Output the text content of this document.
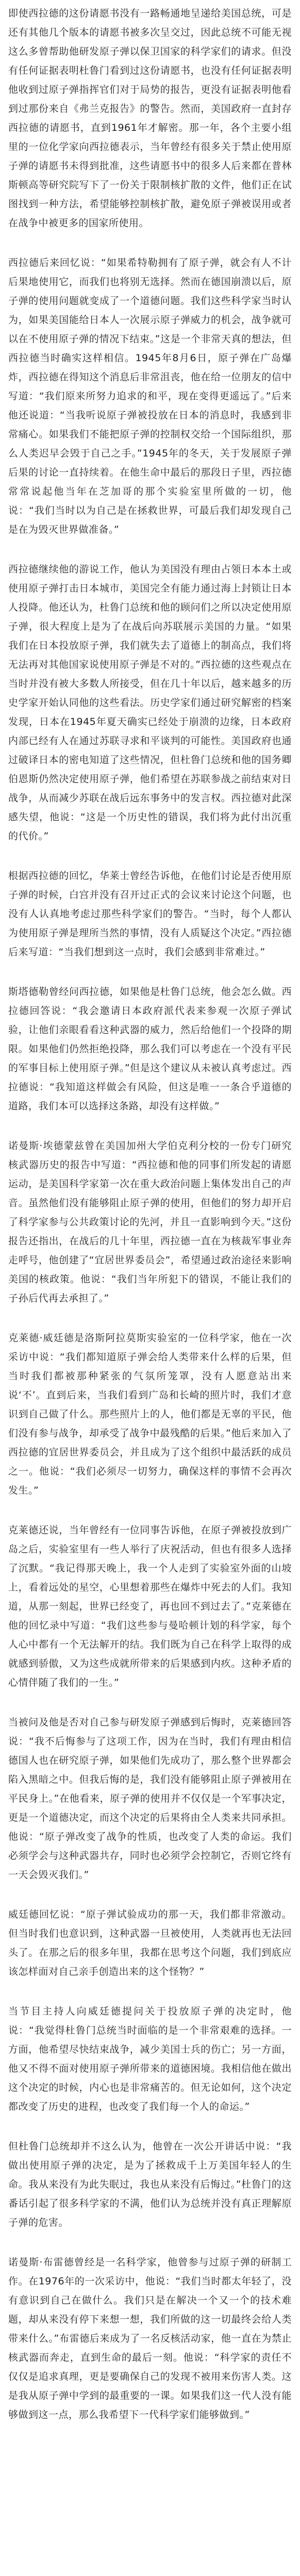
即使西拉德的这份请愿书没有一路畅通地呈递给美国总统，可是还有其他几个版本的请愿书被多次呈交过，因此总统不可能无视这么多曾帮助他研发原子弹以保卫国家的科学家们的请求。但没有任何证据表明杜鲁门看到过这份请愿书，也没有任何证据表明他收到过原子弹指挥官们对于局势的报告，更没有证据表明他看到过那份来自《弗兰克报告》的警告。然而，美国政府一直封存西拉德的请愿书，直到1961年才解密。那一年，各个主要小组里的一位化学家向西拉德表示，当年曾经有很多关于禁止使用原子弹的请愿书未得到批准，这些请愿书中的很多人后来都在普林斯顿高等研究院写下了一份关于限制核扩散的文件，他们正在试图找到一种方法，希望能够控制核扩散，避免原子弹被误用或者在战争中被更多的国家所使用。

西拉德后来回忆说：“如果希特勒拥有了原子弹，就会有人不计后果地使用它，而我们也将别无选择。然而在德国崩溃以后，原子弹的使用问题就变成了一个道德问题。我们这些科学家当时认为，如果美国能给日本人一次展示原子弹威力的机会，战争就可以在不使用原子弹的情况下结束。”这是一个非常天真的想法，但西拉德当时确实这样相信。1945年8月6日，原子弹在广岛爆炸，西拉德在得知这个消息后非常沮丧，他在给一位朋友的信中写道：“我们原来所努力追求的和平，现在变得更遥远了。”后来他还说道：“当我听说原子弹被投放在日本的消息时，我感到非常痛心。如果我们不能把原子弹的控制权交给一个国际组织，那么人类迟早会毁于自己之手。”1945年的冬天，关于发展原子弹后果的讨论一直持续着。在他生命中最后的那段日子里，西拉德常常说起他当年在芝加哥的那个实验室里所做的一切，他说：“我们当时以为自己是在拯救世界，可最后我们却发现自己是在为毁灭世界做准备。”

西拉德继续他的游说工作，他认为美国没有理由占领日本本土或使用原子弹打击日本城市，美国完全有能力通过海上封锁让日本人投降。他还认为，杜鲁门总统和他的顾问们之所以决定使用原子弹，很大程度上是为了在战后向苏联展示美国的力量。“如果我们在日本投放原子弹，我们就失去了道德上的制高点，我们将无法再对其他国家说使用原子弹是不对的。”西拉德的这些观点在当时并没有被大多数人所接受，但在几十年以后，越来越多的历史学家开始认同他的这些看法。历史学家们通过研究解密的档案发现，日本在1945年夏天确实已经处于崩溃的边缘，日本政府内部已经有人在通过苏联寻求和平谈判的可能性。美国政府也通过破译日本的密电知道了这些情况，但杜鲁门总统和他的国务卿伯恩斯仍然决定使用原子弹，他们希望在苏联参战之前结束对日战争，从而减少苏联在战后远东事务中的发言权。西拉德对此深感失望，他说：“这是一个历史性的错误，我们将为此付出沉重的代价。”

根据西拉德的回忆，华莱士曾经告诉他，在他们讨论是否使用原子弹的时候，白宫并没有召开过正式的会议来讨论这个问题，也没有人认真地考虑过那些科学家们的警告。“当时，每个人都认为使用原子弹是理所当然的事情，没有人质疑这个决定。”西拉德后来写道：“当我们想到这一点时，我们会感到非常难过。”

斯塔德勒曾经问西拉德，如果他是杜鲁门总统，他会怎么做。西拉德回答说：“我会邀请日本政府派代表来参观一次原子弹试验，让他们亲眼看看这种武器的威力，然后给他们一个投降的期限。如果他们仍然拒绝投降，那么我们可以考虑在一个没有平民的军事目标上使用原子弹。”但是这个建议从未被认真考虑过。西拉德说：“我知道这样做会有风险，但这是唯一一条合乎道德的道路，我们本可以选择这条路，却没有这样做。”

诺曼斯·埃德蒙兹曾在美国加州大学伯克利分校的一份专门研究核武器历史的报告中写道：“西拉德和他的同事们所发起的请愿运动，是美国科学家第一次在重大政治问题上集体发出自己的声音。虽然他们没有能够阻止原子弹的使用，但他们的努力却开启了科学家参与公共政策讨论的先河，并且一直影响到今天。”这份报告还指出，在战后的几十年里，西拉德一直在为核裁军事业奔走呼号，他创建了“宜居世界委员会”，希望通过政治途径来影响美国的核政策。他说：“我们当年所犯下的错误，不能让我们的子孙后代再去承担了。”

克莱德·威廷德是洛斯阿拉莫斯实验室的一位科学家，他在一次采访中说：“我们都知道原子弹会给人类带来什么样的后果，但当时我们都被那种紧张的气氛所笼罩，没有人愿意站出来说‘不’。直到后来，当我们看到广岛和长崎的照片时，我们才意识到自己做了什么。那些照片上的人，他们都是无辜的平民，他们没有参与战争，却承受了战争中最残酷的后果。”他后来加入了西拉德的宜居世界委员会，并且成为了这个组织中最活跃的成员之一。他说：“我们必须尽一切努力，确保这样的事情不会再次发生。”

克莱德还说，当年曾经有一位同事告诉他，在原子弹被投放到广岛之后，实验室里有一些人举行了庆祝活动，但也有很多人选择了沉默。“我记得那天晚上，我一个人走到了实验室外面的山坡上，看着远处的星空，心里想着那些在爆炸中死去的人们。我知道，从那一刻起，世界已经变了，再也回不到过去了。”克莱德在他的回忆录中写道：“我们这些参与曼哈顿计划的科学家，每个人心中都有一个无法解开的结。我们既为自己在科学上取得的成就感到骄傲，又为这些成就所带来的后果感到内疚。这种矛盾的心情伴随了我们的一生。”

当被问及他是否对自己参与研发原子弹感到后悔时，克莱德回答说：“我不后悔参与了这项工作，因为在当时，我们有理由相信德国人也在研究原子弹，如果他们先成功了，那么整个世界都会陷入黑暗之中。但我后悔的是，我们没有能够阻止原子弹被用在平民身上。”在他看来，原子弹的使用并不仅仅是一个军事决定，更是一个道德决定，而这个决定的后果将由全人类来共同承担。他说：“原子弹改变了战争的性质，也改变了人类的命运。我们必须学会与这种武器共存，同时也必须学会控制它，否则它终有一天会毁灭我们。”

威廷德回忆说：“原子弹试验成功的那一天，我们都非常激动。但当时我们也意识到，这种武器一旦被使用，人类就再也无法回头了。在那之后的很多年里，我都在思考这个问题，我们到底应该怎样面对自己亲手创造出来的这个怪物？”

当节目主持人向威廷德提问关于投放原子弹的决定时，他说：“我觉得杜鲁门总统当时面临的是一个非常艰难的选择。一方面，他希望尽快结束战争，减少美国士兵的伤亡；另一方面，他又不得不面对使用原子弹所带来的道德困境。我相信他在做出这个决定的时候，内心也是非常痛苦的。但无论如何，这个决定都改变了历史的进程，也改变了我们每一个人的命运。”

但杜鲁门总统却并不这么认为，他曾在一次公开讲话中说：“我做出使用原子弹的决定，是为了拯救成千上万美国年轻人的生命。我从来没有为此失眠过，我也从来没有后悔过。”杜鲁门的这番话引起了很多科学家的不满，他们认为总统并没有真正理解原子弹的危害。

诺曼斯·布雷德曾经是一名科学家，他曾参与过原子弹的研制工作。在1976年的一次采访中，他说：“我们当时都太年轻了，没有意识到自己在做什么。我们只是在解决一个又一个的技术难题，却从来没有停下来想一想，我们所做的这一切最终会给人类带来什么。”布雷德后来成为了一名反核活动家，他一直在为禁止核武器而奔走，直到生命的最后一刻。他说：“科学家的责任不仅仅是追求真理，更是要确保自己的发现不被用来伤害人类。这是我从原子弹中学到的最重要的一课。如果我们这一代人没有能够做到这一点，那么我希望下一代科学家们能够做到。”
